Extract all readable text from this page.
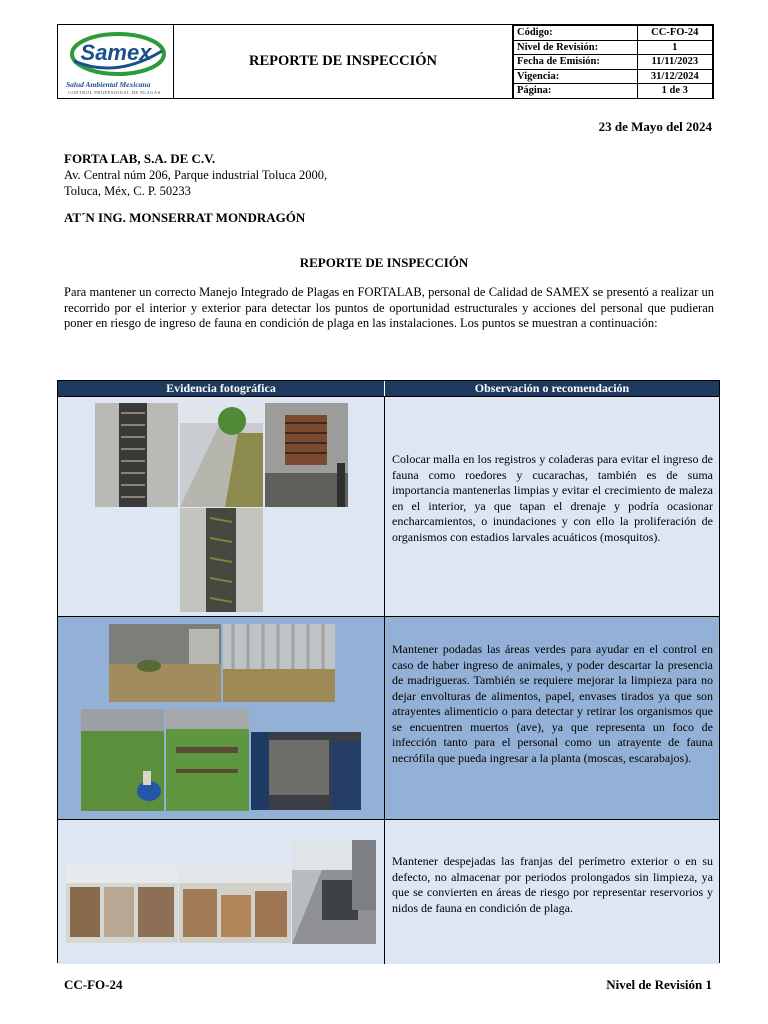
Samex
Salud Ambiental Mexicana
CONTROL PROFESIONAL DE PLAGAS
REPORTE DE INSPECCIÓN
Código:	CC-FO-24
Nivel de Revisión:	1
Fecha de Emisión:	11/11/2023
Vigencia:	31/12/2024
Página:	1 de 3
23 de Mayo del 2024
FORTA LAB, S.A. DE C.V.
Av. Central núm 206, Parque industrial Toluca 2000,
Toluca, Méx, C. P. 50233
AT´N ING. MONSERRAT MONDRAGÓN
REPORTE DE INSPECCIÓN
Para mantener un correcto Manejo Integrado de Plagas en FORTALAB, personal de Calidad de SAMEX se presentó a realizar un recorrido por el interior y exterior para detectar los puntos de oportunidad estructurales y acciones del personal que pudieran poner en riesgo de ingreso de fauna en condición de plaga en las instalaciones. Los puntos se muestran a continuación:
Evidencia fotográfica	Observación o recomendación
Colocar malla en los registros y coladeras para evitar el ingreso de fauna como roedores y cucarachas, también es de suma importancia mantenerlas limpias y evitar el crecimiento de maleza en el interior, ya que tapan el drenaje y podría ocasionar encharcamientos, o inundaciones y con ello la proliferación de organismos con estadios larvales acuáticos (mosquitos).
Mantener podadas las áreas verdes para ayudar en el control en caso de haber ingreso de animales, y poder descartar la presencia de madrigueras. También se requiere mejorar la limpieza para no dejar envolturas de alimentos, papel, envases tirados ya que son atrayentes alimenticio o para detectar y retirar los organismos que se encuentren muertos (ave), ya que representa un foco de infección tanto para el personal como un atrayente de fauna necrófila que pueda ingresar a la planta (moscas, escarabajos).
Mantener despejadas las franjas del perímetro exterior o en su defecto, no almacenar por periodos prolongados sin limpieza, ya que se convierten en áreas de riesgo por representar reservorios y nidos de fauna en condición de plaga.
CC-FO-24	Nivel de Revisión 1
